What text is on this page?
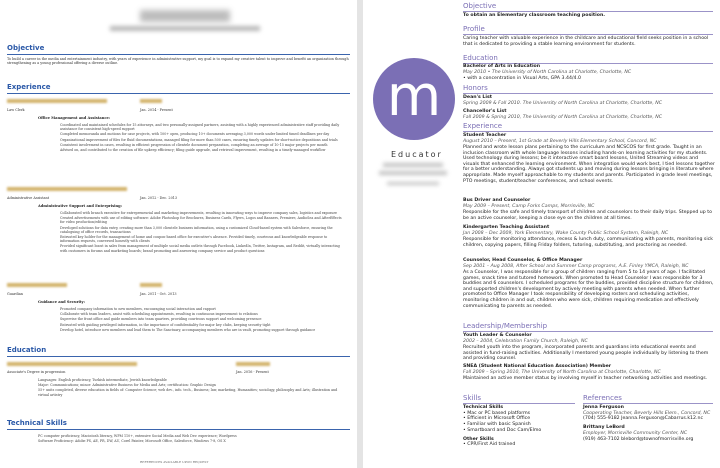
Objective
To build a career in the media and entertainment industry, with years of experience in administrative support, my goal is to expand my creative talent to improve and benefit an organization through strengthening as a young professional offering a diverse outline.
Experience
Law Clerk	Jan. 2014 - Present
Office Management and Assistance:
Coordinated and maintained schedules for 15 attorneys, and two personally-assigned partners, assisting with a highly experienced administrative staff providing daily assistance for consistent high-speed support
Completed memoranda and motions for case projects, with 100+ open, producing 10+ documents averaging 3,000 words under limited timed deadlines per day
Organizational improvement of files for fluid documentations, managed filing for more than 500 cases, ensuring timely updates for short-notice depositions and trials
Consistent involvement in cases, resulting in efficient progression of clientele document preparation, completing an average of 10-15 major projects per month
Advised on, and contributed to the creation of file upkeep efficiency; filing guide upgrade, and retrieval improvement, resulting in a timely-managed workflow
Administrative Assistant	Jan. 2012 - Dec. 2013
Administrative Support and Enterprising:
Collaborated with branch executive for entrepreneurial and marketing improvements, resulting in innovating ways to improve company sales, logistics and exposure
Created advertisements with use of editing software: Adobe Photoshop for Brochures, Business Cards, Flyers, Logos and Banners, Premiere, AudioSea and AfterEffects for video production/editing
Developed solutions for data entry, creating more than 3,000 clientele business information, using a customized Cloud-based system with Salesforce, ensuring the cataloguing of office records, transactions
Entrusted key holder for the management of home and coupon-based office for executive's absence. Provided timely, courteous and knowledgeable response to information requests, conversed honestly with clients
Provided significant boost in sales from management of multiple social media outlets through Facebook, LinkedIn, Twitter, Instagram, and Reddit, virtually interacting with customers in forums and marketing boards; brand promoting and answering company service and product questions
Guardian	Jan. 2011 - Oct. 2013
Guidance and Security:
Promoted company information to new members, encouraging social interaction and rapport
Collaborate with team leaders, assist with scheduling appointments, resulting in continuous improvement to relations
Supervise the front office and guide members into team quarters, providing courteous support and welcoming presence
Entrusted with guiding privileged information, in the importance of confidentiality for major key clubs, keeping security tight
Develop hotel, introduce new members and lead them to The Sanctuary, accompanying members who are in vault, promoting support through guidance
Education
Associate's Degree in progression	Jan. 2016 - Present
Languages: English proficiency, Turkish intermediate, Jewish knowledgeable
Major: Communications; minor: Administrative Business for Media and Arts; certification: Graphic Design
55+ units completed, diverse education in fields of: Computer Science; web dev., info. tech., Business; law, marketing, Humanities; sociology, philosophy and Arts; illustration and virtual artistry
Technical Skills
PC computer proficiency, Macintosh literacy, WPM 110+, extensive Social Media and Web Dev. experience; Wordpress
Software Proficiency: Adobe PS, AE, PR, DW, AU, Corel Painter, Microsoft Office, Salesforce, Windows 7-8, OS X
REFERENCES AVAILABLE UPON REQUEST
m
Educator
Objective
To obtain an Elementary classroom teaching position.
Profile
Caring teacher with valuable experience in the childcare and educational field seeks position in a school that is dedicated to providing a stable learning environment for students.
Education
Bachelor of Arts in Education
May 2010 • The University of North Carolina at Charlotte, Charlotte, NC
• with a concentration in Visual Arts, GPA 3.44/4.0
Honors
Dean's List
Spring 2009 & Fall 2010. The University of North Carolina at Charlotte, Charlotte, NC
Chancellor's List
Fall 2009 & Spring 2010, The University of North Carolina at Charlotte, Charlotte, NC
Experience
Student Teacher
August 2010 – Present, 1st Grade at Beverly Hills Elementary School, Concord, NC
Planned and wrote lesson plans pertaining to the curriculum and NCSCOS for first grade. Taught in an inclusion classroom with whole language lessons including hands-on learning activities for my students. Used technology during lessons; be it interactive smart board lessons, United Streaming videos and visuals that enhanced the learning environment. When integration would work best, I tied lessons together for a better understanding. Always got students up and moving during lessons bringing in literature where appropriate. Made myself approachable to my students and parents. Participated in grade level meetings, PTO meetings, student/teacher conferences, and school events.
Bus Driver and Counselor
May 2009 – Present, Camp Forks Camps, Morrisville, NC
Responsible for the safe and timely transport of children and counselors to their daily trips. Stepped up to be an active counselor, keeping a close eye on the children at all times.
Kindergarten Teaching Assistant
Jan 2008 – Dec 2009, York Elementary, Wake County Public School System, Raleigh, NC
Responsible for monitoring attendance, recess & lunch duty, communicating with parents, monitoring sick children, copying papers, filling Friday folders, tutoring, substituting, and proctoring as needed.
Counselor, Head Counselor, & Office Manager
Sep 2001 – Aug 2008, After School and Summer Camp programs, A.E. Finley YMCA, Raleigh, NC
As a Counselor, I was responsible for a group of children ranging from 5 to 14 years of age. I facilitated games, snack time and tutored homework. When promoted to Head Counselor I was responsible for 3 buddies and 6 counselors. I scheduled programs for the buddies, provided discipline structure for children, and supported children's development by actively meeting with parents when needed. When further promoted to Office Manager I took responsibility of developing rosters and scheduling activities, monitoring children in and out, children who were sick, children requiring medication and effectively communicating to parents as needed.
Leadership/Membership
Youth Leader & Counselor
2002 – 2004, Celebration Family Church, Raleigh, NC
Recruited youth into the program, incorporated parents and guardians into educational events and assisted in fund-raising activities. Additionally I mentored young people individually by listening to them and providing counsel.
SNEA (Student National Education Association) Member
Fall 2009 – Spring 2010, The University of North Carolina at Charlotte, Charlotte, NC
Maintained an active member status by involving myself in teacher networking activities and meetings.
Skills
Technical Skills
• Mac or PC based platforms
• Efficient in Microsoft Office
• Familiar with basic Spanish
• Smartboard and Doc Cam/Elmo
Other Skills
• CPR/First Aid trained
References
Jenna Ferguson
Cooperating Teacher, Beverly Hills Elem., Concord, NC
(704) 555-9182 Jeanna.Ferguson@Cabarrus.k12.nc
Brittany LeBord
Employer, Morrisville Community Center, NC
(919) 463-7102 blebord@townofmorrisville.org
